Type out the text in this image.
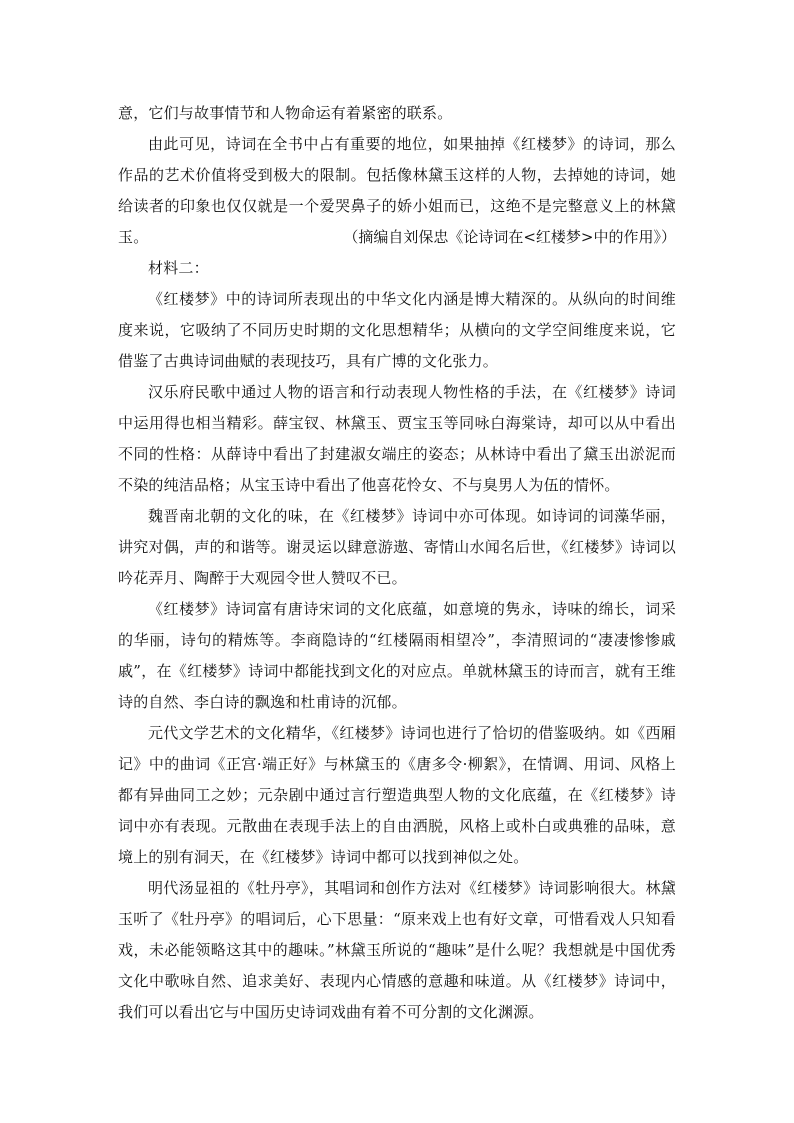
意，它们与故事情节和人物命运有着紧密的联系。

由此可见，诗词在全书中占有重要的地位，如果抽掉《红楼梦》的诗词，那么作品的艺术价值将受到极大的限制。包括像林黛玉这样的人物，去掉她的诗词，她给读者的印象也仅仅就是一个爱哭鼻子的娇小姐而已，这绝不是完整意义上的林黛玉。	（摘编自刘保忠《论诗词在<红楼梦>中的作用》）

材料二：

《红楼梦》中的诗词所表现出的中华文化内涵是博大精深的。从纵向的时间维度来说，它吸纳了不同历史时期的文化思想精华；从横向的文学空间维度来说，它借鉴了古典诗词曲赋的表现技巧，具有广博的文化张力。

汉乐府民歌中通过人物的语言和行动表现人物性格的手法，在《红楼梦》诗词中运用得也相当精彩。薛宝钗、林黛玉、贾宝玉等同咏白海棠诗，却可以从中看出不同的性格：从薛诗中看出了封建淑女端庄的姿态；从林诗中看出了黛玉出淤泥而不染的纯洁品格；从宝玉诗中看出了他喜花怜女、不与臭男人为伍的情怀。

魏晋南北朝的文化的味，在《红楼梦》诗词中亦可体现。如诗词的词藻华丽，讲究对偶，声的和谐等。谢灵运以肆意游遨、寄情山水闻名后世，《红楼梦》诗词以吟花弄月、陶醉于大观园令世人赞叹不已。

《红楼梦》诗词富有唐诗宋词的文化底蕴，如意境的隽永，诗味的绵长，词采的华丽，诗句的精炼等。李商隐诗的“红楼隔雨相望冷”，李清照词的“凄凄惨惨戚戚”，在《红楼梦》诗词中都能找到文化的对应点。单就林黛玉的诗而言，就有王维诗的自然、李白诗的飘逸和杜甫诗的沉郁。

元代文学艺术的文化精华，《红楼梦》诗词也进行了恰切的借鉴吸纳。如《西厢记》中的曲词《正宫·端正好》与林黛玉的《唐多令·柳絮》，在情调、用词、风格上都有异曲同工之妙；元杂剧中通过言行塑造典型人物的文化底蕴，在《红楼梦》诗词中亦有表现。元散曲在表现手法上的自由洒脱，风格上或朴白或典雅的品味，意境上的别有洞天，在《红楼梦》诗词中都可以找到神似之处。

明代汤显祖的《牡丹亭》，其唱词和创作方法对《红楼梦》诗词影响很大。林黛玉听了《牡丹亭》的唱词后，心下思量：“原来戏上也有好文章，可惜看戏人只知看戏，未必能领略这其中的趣味。”林黛玉所说的“趣味”是什么呢？我想就是中国优秀文化中歌咏自然、追求美好、表现内心情感的意趣和味道。从《红楼梦》诗词中，我们可以看出它与中国历史诗词戏曲有着不可分割的文化渊源。
